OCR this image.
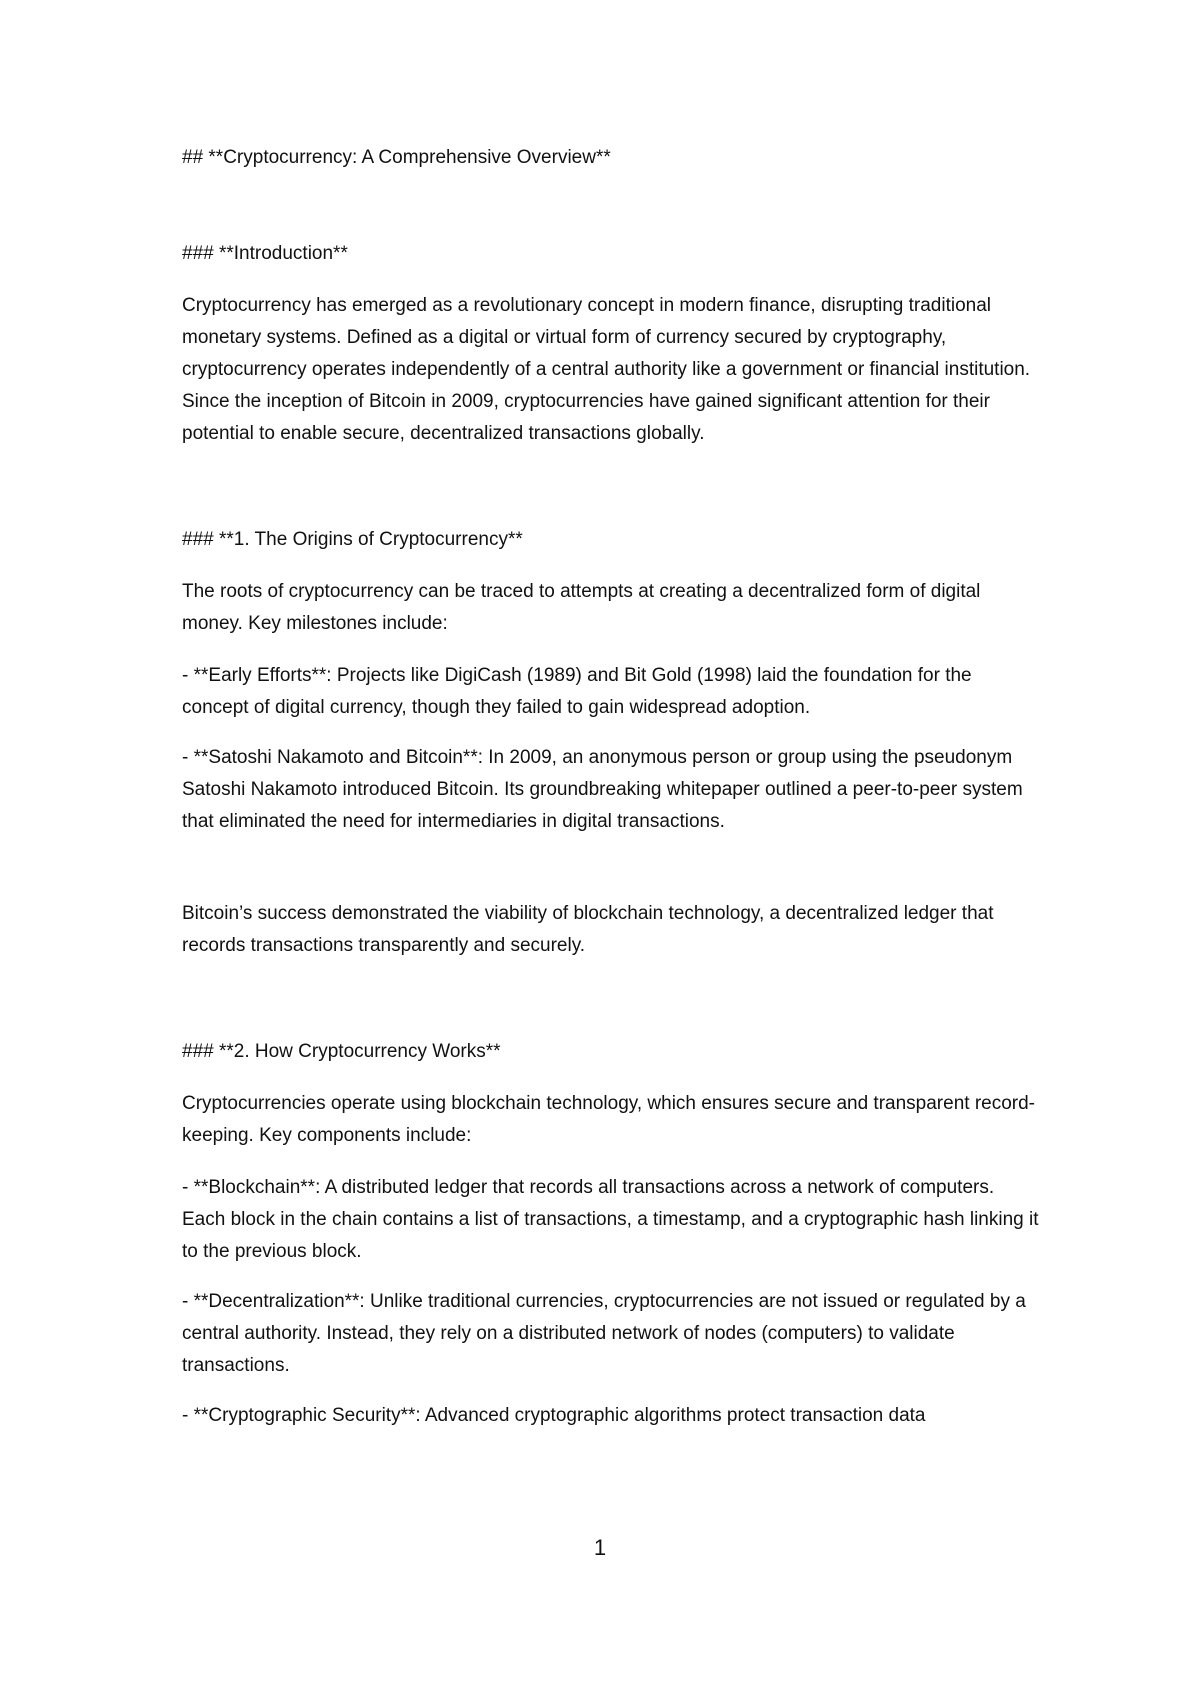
## **Cryptocurrency: A Comprehensive Overview**

### **Introduction**

Cryptocurrency has emerged as a revolutionary concept in modern finance, disrupting traditional monetary systems. Defined as a digital or virtual form of currency secured by cryptography, cryptocurrency operates independently of a central authority like a government or financial institution. Since the inception of Bitcoin in 2009, cryptocurrencies have gained significant attention for their potential to enable secure, decentralized transactions globally.

### **1. The Origins of Cryptocurrency**

The roots of cryptocurrency can be traced to attempts at creating a decentralized form of digital money. Key milestones include:

- **Early Efforts**: Projects like DigiCash (1989) and Bit Gold (1998) laid the foundation for the concept of digital currency, though they failed to gain widespread adoption.

- **Satoshi Nakamoto and Bitcoin**: In 2009, an anonymous person or group using the pseudonym Satoshi Nakamoto introduced Bitcoin. Its groundbreaking whitepaper outlined a peer-to-peer system that eliminated the need for intermediaries in digital transactions.

Bitcoin’s success demonstrated the viability of blockchain technology, a decentralized ledger that records transactions transparently and securely.

### **2. How Cryptocurrency Works**

Cryptocurrencies operate using blockchain technology, which ensures secure and transparent record-keeping. Key components include:

- **Blockchain**: A distributed ledger that records all transactions across a network of computers. Each block in the chain contains a list of transactions, a timestamp, and a cryptographic hash linking it to the previous block.

- **Decentralization**: Unlike traditional currencies, cryptocurrencies are not issued or regulated by a central authority. Instead, they rely on a distributed network of nodes (computers) to validate transactions.

- **Cryptographic Security**: Advanced cryptographic algorithms protect transaction data

1
